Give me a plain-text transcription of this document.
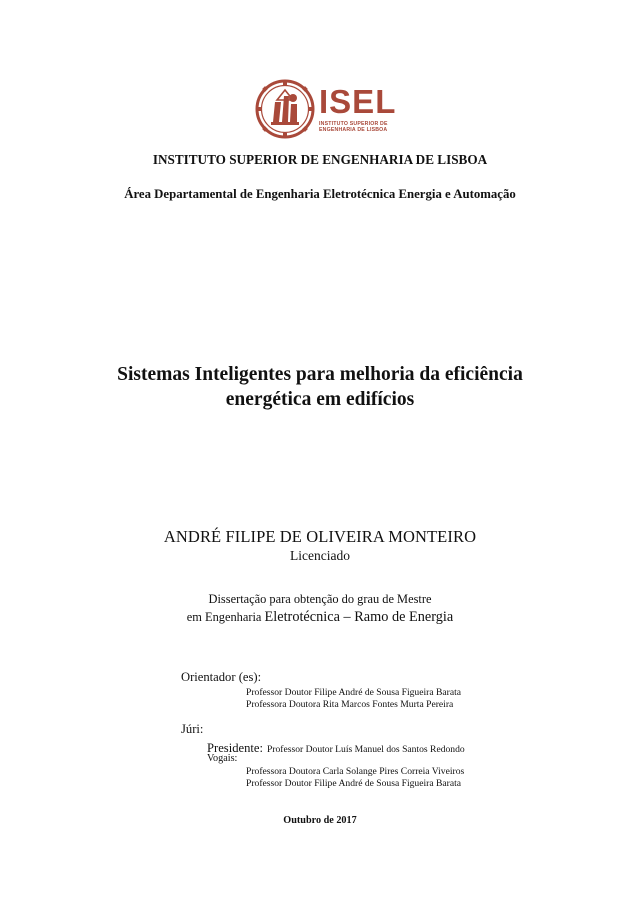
ISEL
INSTITUTO SUPERIOR DE
ENGENHARIA DE LISBOA
INSTITUTO SUPERIOR DE ENGENHARIA DE LISBOA
Área Departamental de Engenharia Eletrotécnica Energia e Automação
Sistemas Inteligentes para melhoria da eficiência
energética em edifícios
ANDRÉ FILIPE DE OLIVEIRA MONTEIRO
Licenciado
Dissertação para obtenção do grau de Mestre
em Engenharia Eletrotécnica – Ramo de Energia
Orientador (es):
Professor Doutor Filipe André de Sousa Figueira Barata
Professora Doutora Rita Marcos Fontes Murta Pereira
Júri:
Presidente: Professor Doutor Luís Manuel dos Santos Redondo
Vogais:
Professora Doutora Carla Solange Pires Correia Viveiros
Professor Doutor Filipe André de Sousa Figueira Barata
Outubro de 2017
